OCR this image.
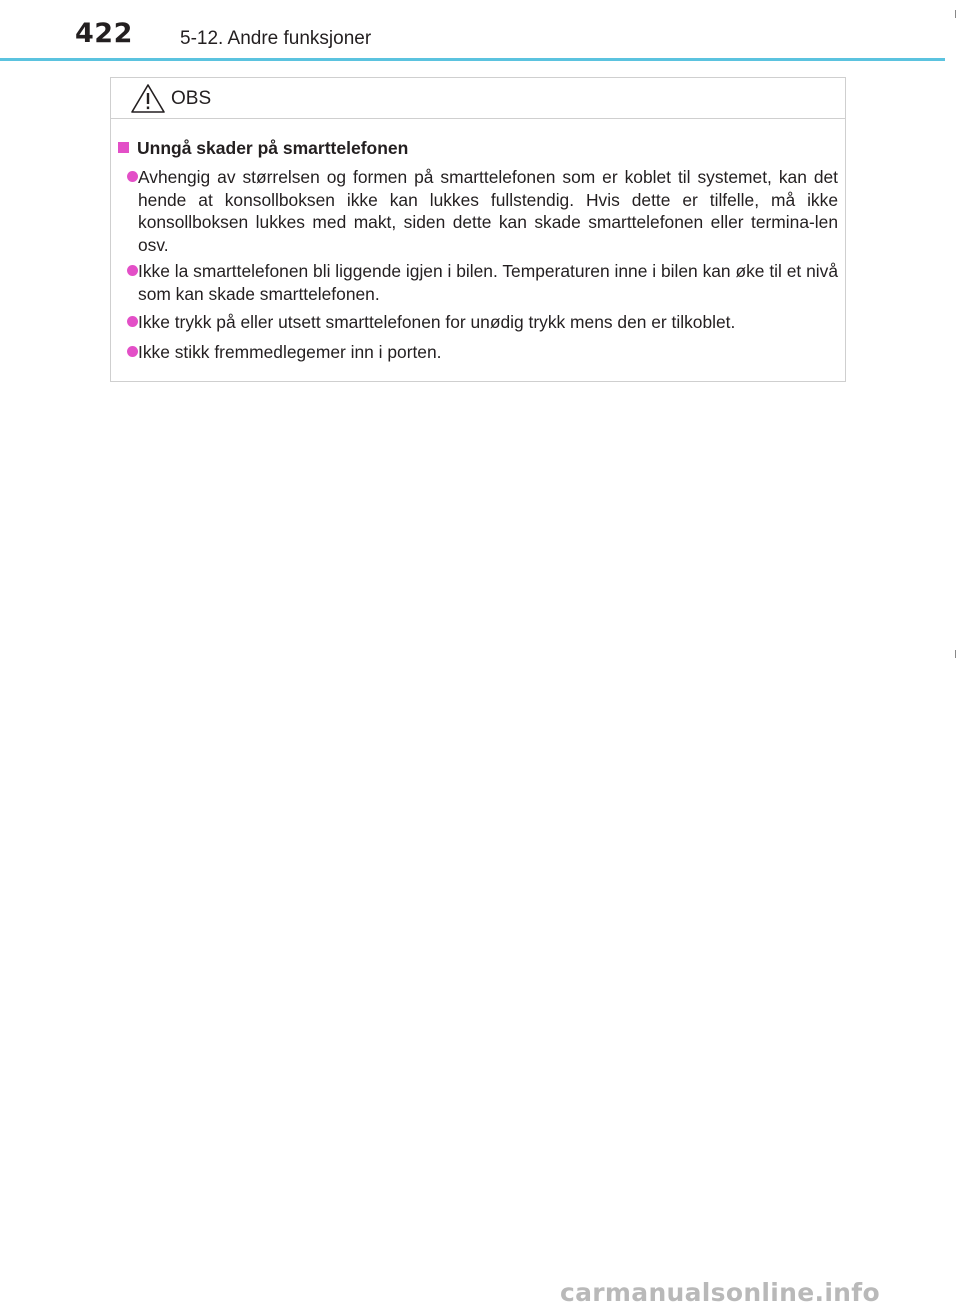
422 5-12. Andre funksjoner
OBS
Unngå skader på smarttelefonen
Avhengig av størrelsen og formen på smarttelefonen som er koblet til systemet, kan det hende at konsollboksen ikke kan lukkes fullstendig. Hvis dette er tilfelle, må ikke konsollboksen lukkes med makt, siden dette kan skade smarttelefonen eller termina-len osv.
Ikke la smarttelefonen bli liggende igjen i bilen. Temperaturen inne i bilen kan øke til et nivå som kan skade smarttelefonen.
Ikke trykk på eller utsett smarttelefonen for unødig trykk mens den er tilkoblet.
Ikke stikk fremmedlegemer inn i porten.
carmanualsonline.info
